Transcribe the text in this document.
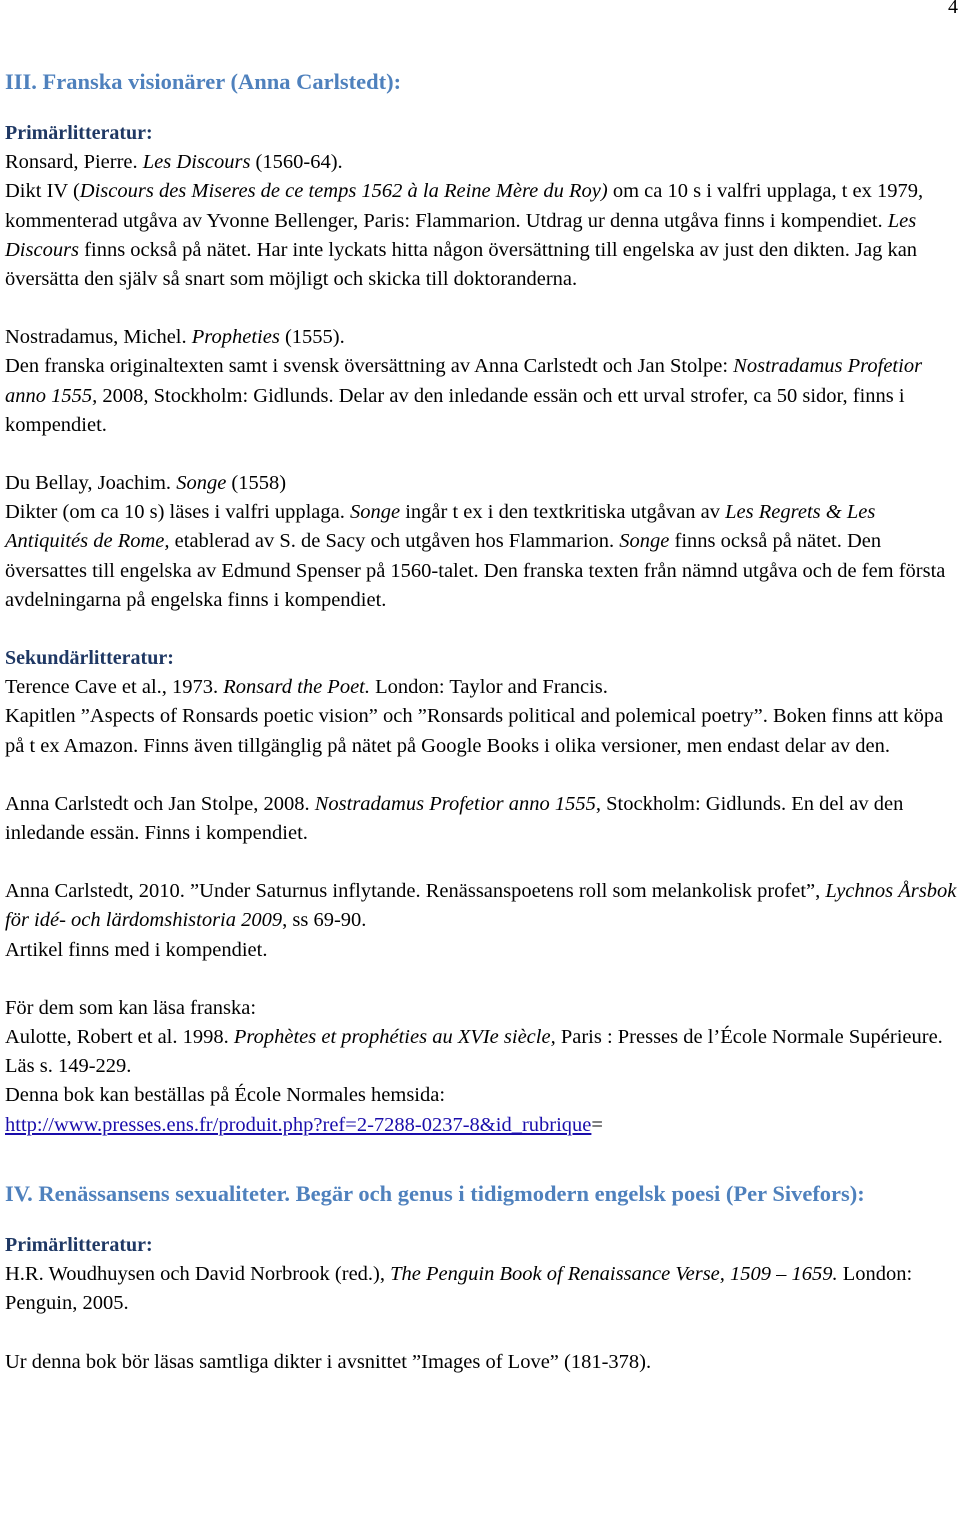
4
III. Franska visionärer (Anna Carlstedt):
Primärlitteratur:

Ronsard, Pierre. Les Discours (1560-64).

Dikt IV (Discours des Miseres de ce temps 1562 à la Reine Mère du Roy) om ca 10 s i valfri upplaga, t ex 1979, kommenterad utgåva av Yvonne Bellenger, Paris: Flammarion. Utdrag ur denna utgåva finns i kompendiet. Les Discours finns också på nätet. Har inte lyckats hitta någon översättning till engelska av just den dikten. Jag kan översätta den själv så snart som möjligt och skicka till doktoranderna.

Nostradamus, Michel. Propheties (1555).

Den franska originaltexten samt i svensk översättning av Anna Carlstedt och Jan Stolpe: Nostradamus Profetior anno 1555, 2008, Stockholm: Gidlunds. Delar av den inledande essän och ett urval strofer, ca 50 sidor, finns i kompendiet.

Du Bellay, Joachim. Songe (1558)

Dikter (om ca 10 s) läses i valfri upplaga. Songe ingår t ex i den textkritiska utgåvan av Les Regrets & Les Antiquités de Rome, etablerad av S. de Sacy och utgåven hos Flammarion. Songe finns också på nätet. Den översattes till engelska av Edmund Spenser på 1560-talet. Den franska texten från nämnd utgåva och de fem första avdelningarna på engelska finns i kompendiet.

Sekundärlitteratur:

Terence Cave et al., 1973. Ronsard the Poet. London: Taylor and Francis.

Kapitlen ”Aspects of Ronsards poetic vision” och ”Ronsards political and polemical poetry”. Boken finns att köpa på t ex Amazon. Finns även tillgänglig på nätet på Google Books i olika versioner, men endast delar av den.

Anna Carlstedt och Jan Stolpe, 2008. Nostradamus Profetior anno 1555, Stockholm: Gidlunds. En del av den inledande essän. Finns i kompendiet.

Anna Carlstedt, 2010. ”Under Saturnus inflytande. Renässanspoetens roll som melankolisk profet”, Lychnos Årsbok för idé- och lärdomshistoria 2009, ss 69-90.

Artikel finns med i kompendiet.

För dem som kan läsa franska:

Aulotte, Robert et al. 1998. Prophètes et prophéties au XVIe siècle, Paris : Presses de l’École Normale Supérieure. Läs s. 149-229.

Denna bok kan beställas på École Normales hemsida:

http://www.presses.ens.fr/produit.php?ref=2-7288-0237-8&id_rubrique=

IV. Renässansens sexualiteter. Begär och genus i tidigmodern engelsk poesi (Per Sivefors):
Primärlitteratur:

H.R. Woudhuysen och David Norbrook (red.), The Penguin Book of Renaissance Verse, 1509 – 1659. London: Penguin, 2005.

Ur denna bok bör läsas samtliga dikter i avsnittet ”Images of Love” (181-378).
